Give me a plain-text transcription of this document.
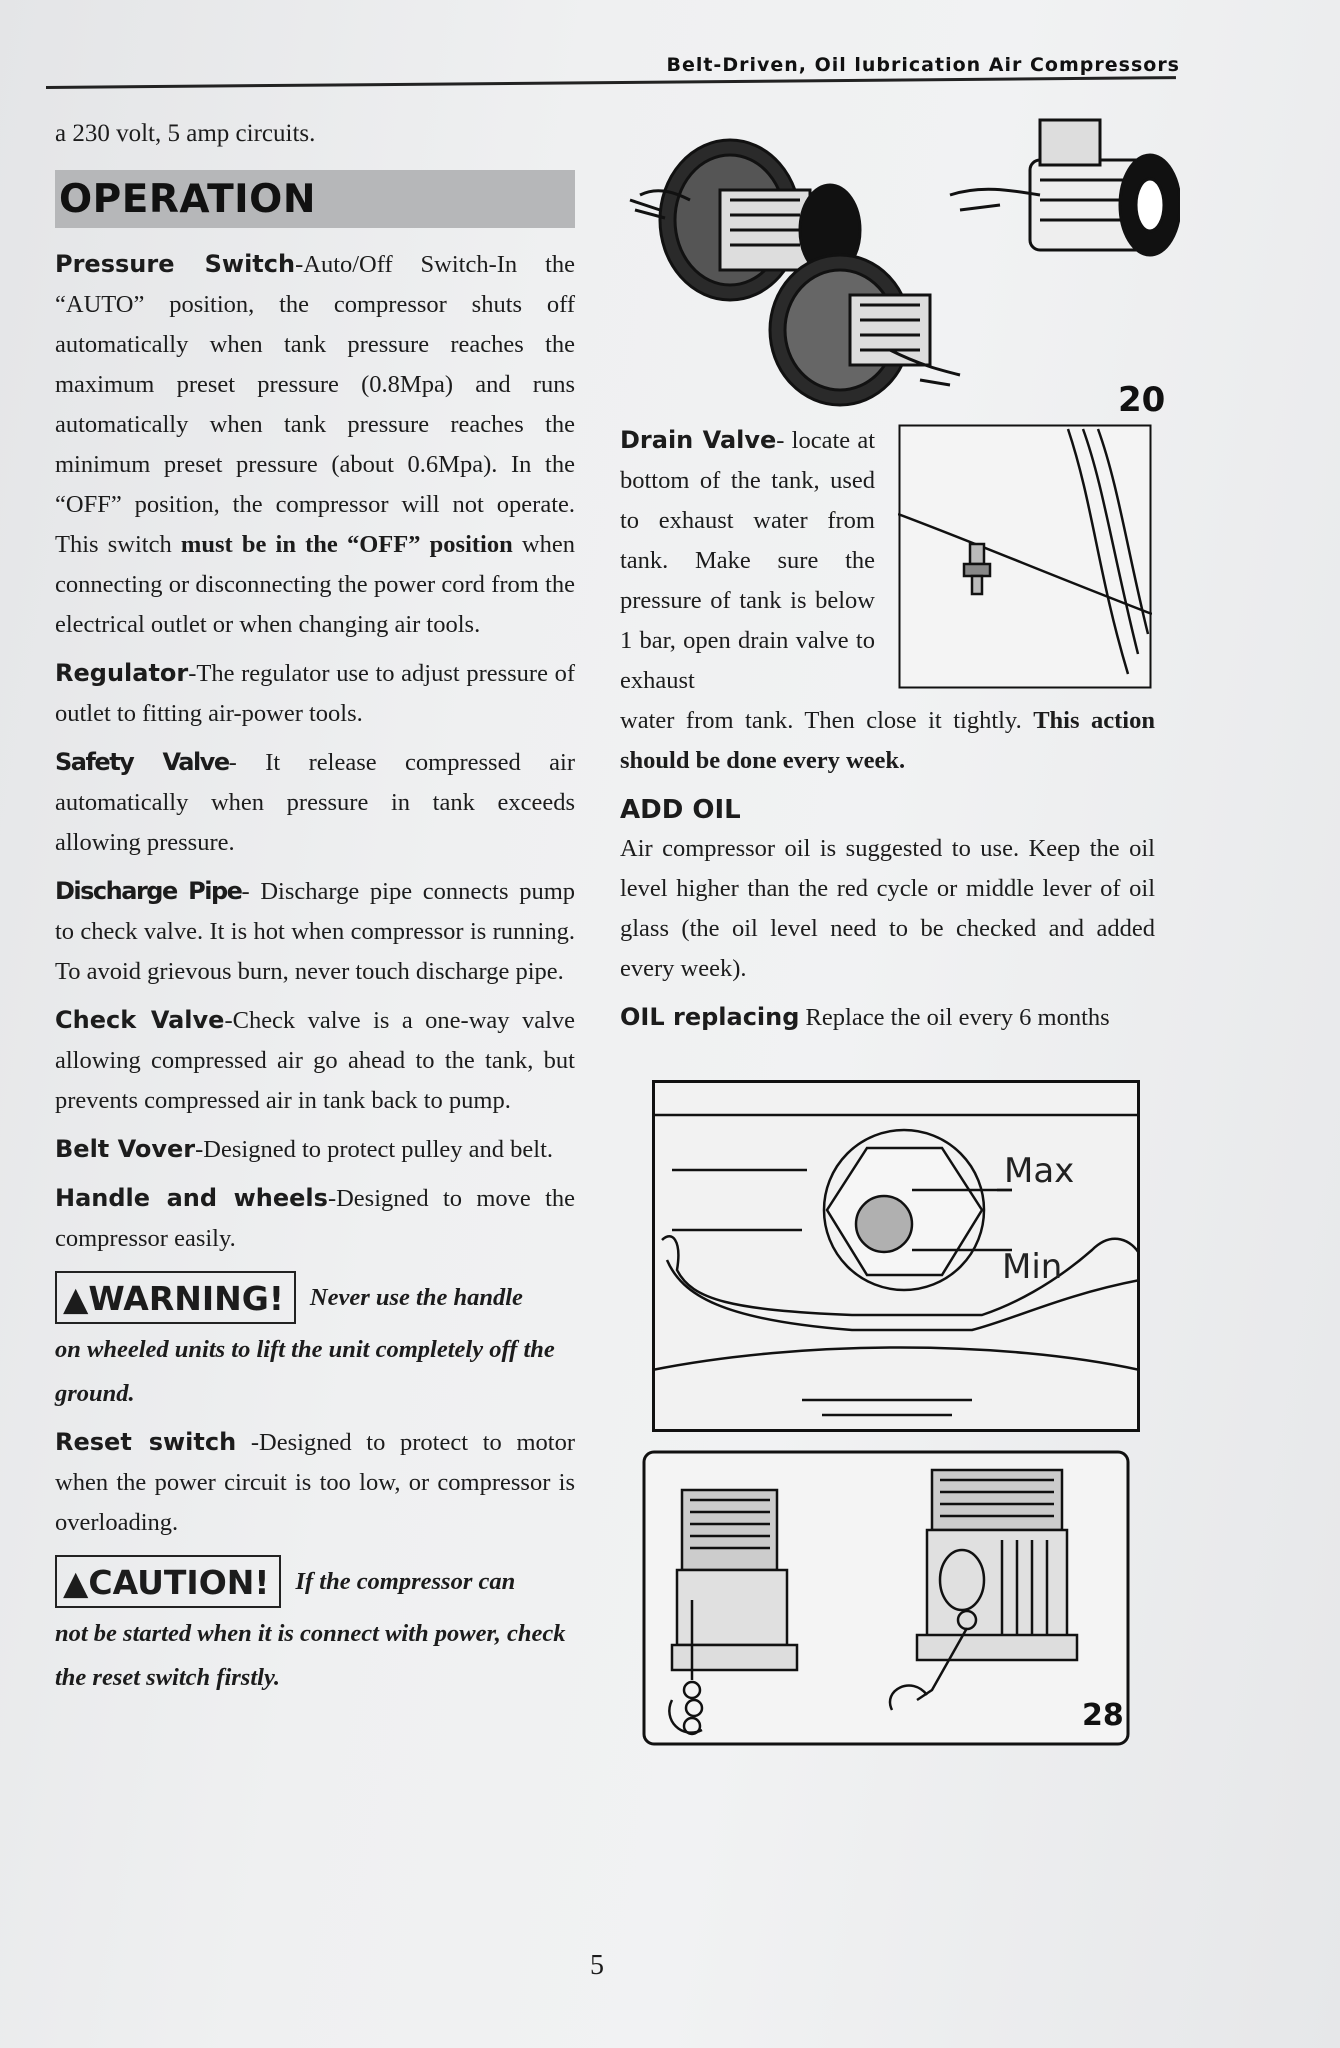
Belt-Driven, Oil lubrication Air Compressors
a 230 volt, 5 amp circuits.
OPERATION

Pressure Switch-Auto/Off Switch-In the “AUTO” position, the compressor shuts off automatically when tank pressure reaches the maximum preset pressure (0.8Mpa) and runs automatically when tank pressure reaches the minimum preset pressure (about 0.6Mpa). In the “OFF” position, the compressor will not operate. This switch must be in the “OFF” position when connecting or disconnecting the power cord from the electrical outlet or when changing air tools.

Regulator-The regulator use to adjust pressure of outlet to fitting air-power tools.

Safety Valve- It release compressed air automatically when pressure in tank exceeds allowing pressure.

Discharge Pipe- Discharge pipe connects pump to check valve. It is hot when compressor is running. To avoid grievous burn, never touch discharge pipe.

Check Valve-Check valve is a one-way valve allowing compressed air go ahead to the tank, but prevents compressed air in tank back to pump.

Belt Vover-Designed to protect pulley and belt.

Handle and wheels-Designed to move the compressor easily.

▲WARNING!	Never use the handle

on wheeled units to lift the unit completely off the ground.

Reset switch -Designed to protect to motor when the power circuit is too low, or compressor is overloading.

▲CAUTION!	If the compressor can

not be started when it is connect with power, check the reset switch firstly.

20
Drain Valve- locate at bottom of the tank, used to exhaust water from tank. Make sure the pressure of tank is below 1 bar, open drain valve to exhaust

water from tank. Then close it tightly. This action should be done every week.

ADD OIL

Air compressor oil is suggested to use. Keep the oil level higher than the red cycle or middle lever of oil glass (the oil level need to be checked and added every week).

OIL replacing Replace the oil every 6 months

Max
Min
28
5
